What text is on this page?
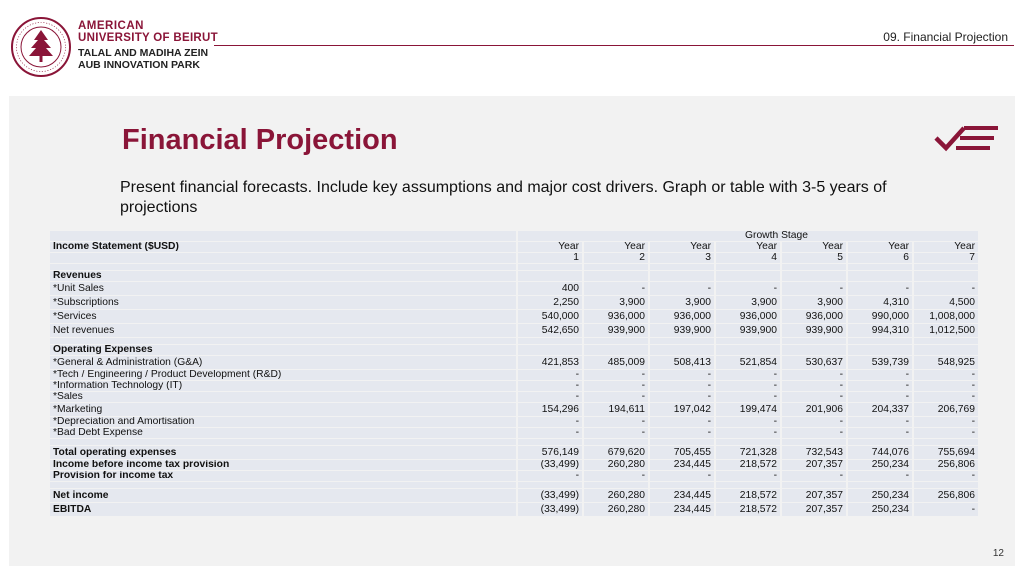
AMERICAN
UNIVERSITY OF BEIRUT
TALAL AND MADIHA ZEIN
AUB INNOVATION PARK
09. Financial Projection
Financial Projection
Present financial forecasts. Include key assumptions and major cost drivers. Graph or table with 3-5 years of projections
	Growth Stage						
Income Statement ($USD)	Year	Year	Year	Year	Year	Year	Year
	1	2	3	4	5	6	7

Revenues							
*Unit Sales	400	-	-	-	-	-	-
*Subscriptions	2,250	3,900	3,900	3,900	3,900	4,310	4,500
*Services	540,000	936,000	936,000	936,000	936,000	990,000	1,008,000
Net revenues	542,650	939,900	939,900	939,900	939,900	994,310	1,012,500

Operating Expenses							
*General & Administration (G&A)	421,853	485,009	508,413	521,854	530,637	539,739	548,925
*Tech / Engineering / Product Development (R&D)	-	-	-	-	-	-	-
*Information Technology (IT)	-	-	-	-	-	-	-
*Sales	-	-	-	-	-	-	-
*Marketing	154,296	194,611	197,042	199,474	201,906	204,337	206,769
*Depreciation and Amortisation	-	-	-	-	-	-	-
*Bad Debt Expense	-	-	-	-	-	-	-

Total operating expenses	576,149	679,620	705,455	721,328	732,543	744,076	755,694
Income before income tax provision	(33,499)	260,280	234,445	218,572	207,357	250,234	256,806
Provision for income tax	-	-	-	-	-	-	-

Net income	(33,499)	260,280	234,445	218,572	207,357	250,234	256,806
EBITDA	(33,499)	260,280	234,445	218,572	207,357	250,234	-
12
